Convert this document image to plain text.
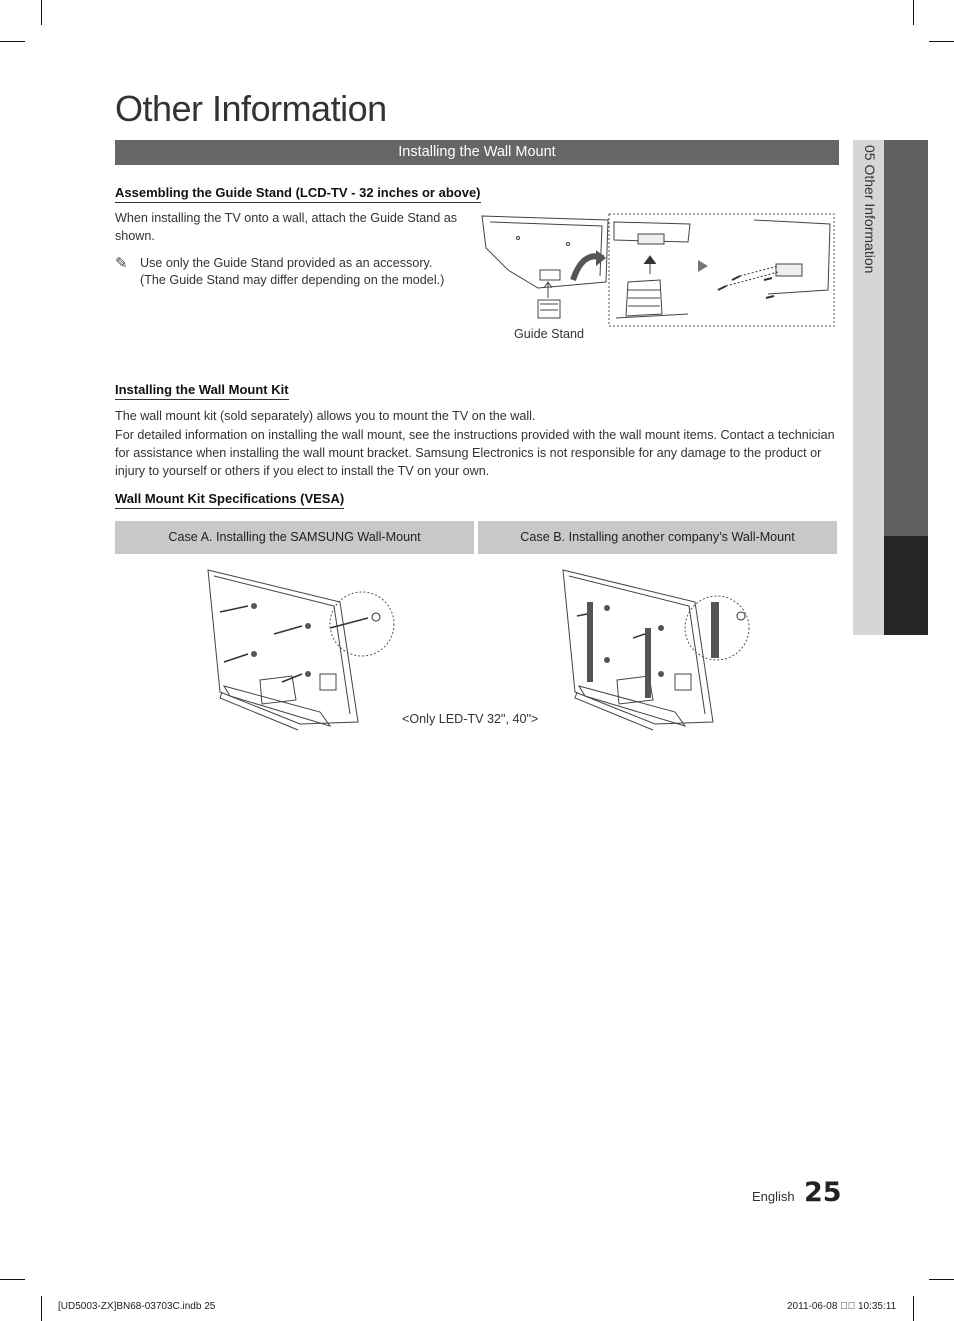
Other Information
Installing the Wall Mount	05 Other Information
Assembling the Guide Stand (LCD-TV - 32 inches or above)
When installing the TV onto a wall, attach the Guide Stand as shown.
✎ Use only the Guide Stand provided as an accessory.
(The Guide Stand may differ depending on the model.)
Guide Stand
Installing the Wall Mount Kit
The wall mount kit (sold separately) allows you to mount the TV on the wall.
For detailed information on installing the wall mount, see the instructions provided with the wall mount items. Contact a technician for assistance when installing the wall mount bracket. Samsung Electronics is not responsible for any damage to the product or injury to yourself or others if you elect to install the TV on your own.
Wall Mount Kit Specifications (VESA)
Case A. Installing the SAMSUNG Wall-Mount	Case B. Installing another company’s Wall-Mount
<Only LED-TV 32", 40">
English 25
[UD5003-ZX]BN68-03703C.indb 25	2011-06-08 ￿￿ 10:35:11
